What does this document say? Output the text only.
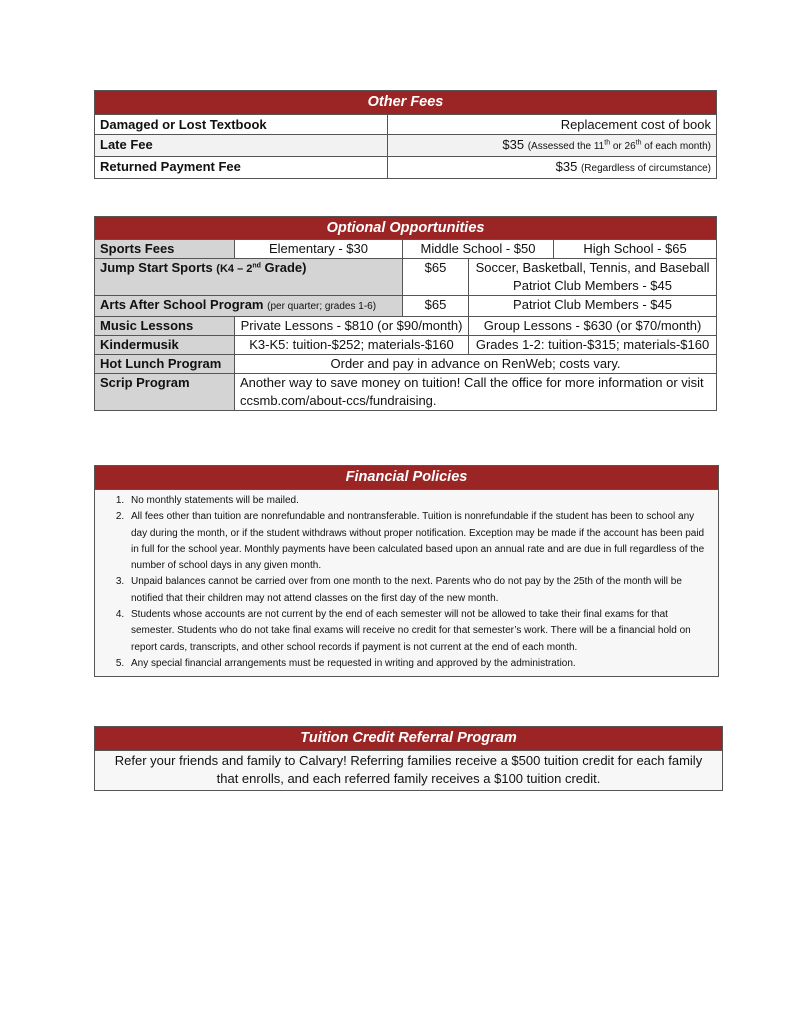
Other Fees	
Damaged or Lost Textbook	Replacement cost of book
Late Fee	$35 (Assessed the 11th or 26th of each month)
Returned Payment Fee	$35 (Regardless of circumstance)
Optional Opportunities				
Sports Fees	Elementary - $30	Middle School - $50		High School - $65
Jump Start Sports (K4 – 2nd Grade)		$65	Soccer, Basketball, Tennis, and Baseball
Patriot Club Members - $45	

Arts After School Program (per quarter; grades 1-6)		$65	Patriot Club Members - $45	
Music Lessons	Private Lessons - $810 (or $90/month)		Group Lessons - $630 (or $70/month)	
Kindermusik	K3-K5: tuition-$252; materials-$160		Grades 1-2: tuition-$315; materials-$160	
Hot Lunch Program	Order and pay in advance on RenWeb; costs vary.			
Scrip Program	Another way to save money on tuition! Call the office for more information or visit ccsmb.com/about-ccs/fundraising.			
Financial Policies

1. No monthly statements will be mailed.
2. All fees other than tuition are nonrefundable and nontransferable. Tuition is nonrefundable if the student has been to school any day during the month, or if the student withdraws without proper notification. Exception may be made if the account has been paid in full for the school year. Monthly payments have been calculated based upon an annual rate and are due in full regardless of the number of school days in any given month.
3. Unpaid balances cannot be carried over from one month to the next. Parents who do not pay by the 25th of the month will be notified that their children may not attend classes on the first day of the new month.
4. Students whose accounts are not current by the end of each semester will not be allowed to take their final exams for that semester. Students who do not take final exams will receive no credit for that semester’s work. There will be a financial hold on report cards, transcripts, and other school records if payment is not current at the end of each month.
5. Any special financial arrangements must be requested in writing and approved by the administration.
Tuition Credit Referral Program
Refer your friends and family to Calvary! Referring families receive a $500 tuition credit for each family that enrolls, and each referred family receives a $100 tuition credit.
